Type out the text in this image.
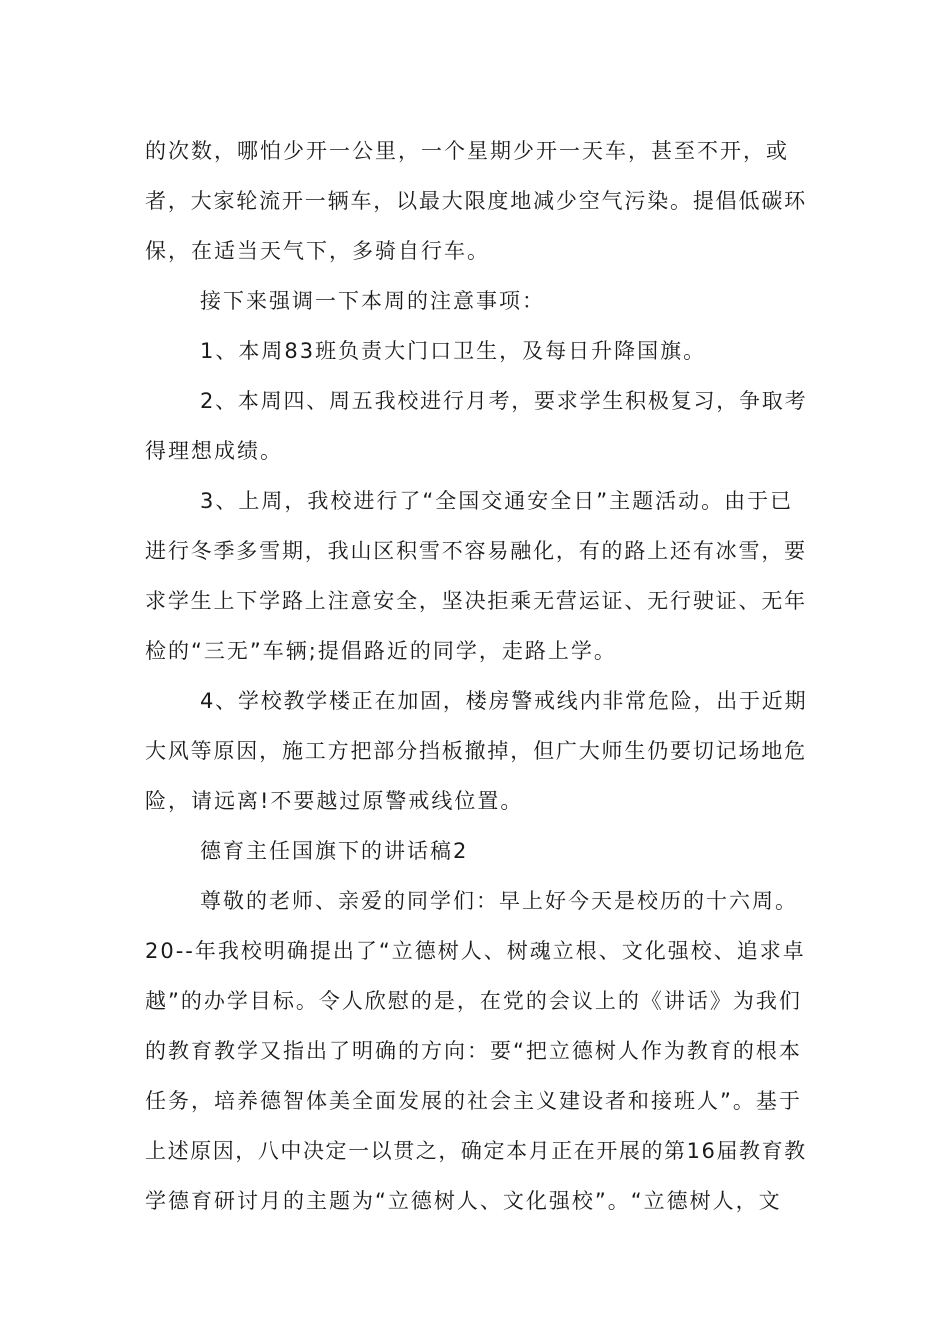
的次数，哪怕少开一公里，一个星期少开一天车，甚至不开，或
者，大家轮流开一辆车，以最大限度地减少空气污染。提倡低碳环
保，在适当天气下，多骑自行车。
接下来强调一下本周的注意事项：
1、本周83班负责大门口卫生，及每日升降国旗。
2、本周四、周五我校进行月考，要求学生积极复习，争取考
得理想成绩。
3、上周，我校进行了“全国交通安全日”主题活动。由于已
进行冬季多雪期，我山区积雪不容易融化，有的路上还有冰雪，要
求学生上下学路上注意安全，坚决拒乘无营运证、无行驶证、无年
检的“三无”车辆;提倡路近的同学，走路上学。
4、学校教学楼正在加固，楼房警戒线内非常危险，出于近期
大风等原因，施工方把部分挡板撤掉，但广大师生仍要切记场地危
险，请远离!不要越过原警戒线位置。
德育主任国旗下的讲话稿2
尊敬的老师、亲爱的同学们：早上好今天是校历的十六周。
20--年我校明确提出了“立德树人、树魂立根、文化强校、追求卓
越”的办学目标。令人欣慰的是，在党的会议上的《讲话》为我们
的教育教学又指出了明确的方向：要“把立德树人作为教育的根本
任务，培养德智体美全面发展的社会主义建设者和接班人”。基于
上述原因，八中决定一以贯之，确定本月正在开展的第16届教育教
学德育研讨月的主题为“立德树人、文化强校”。“立德树人，文
